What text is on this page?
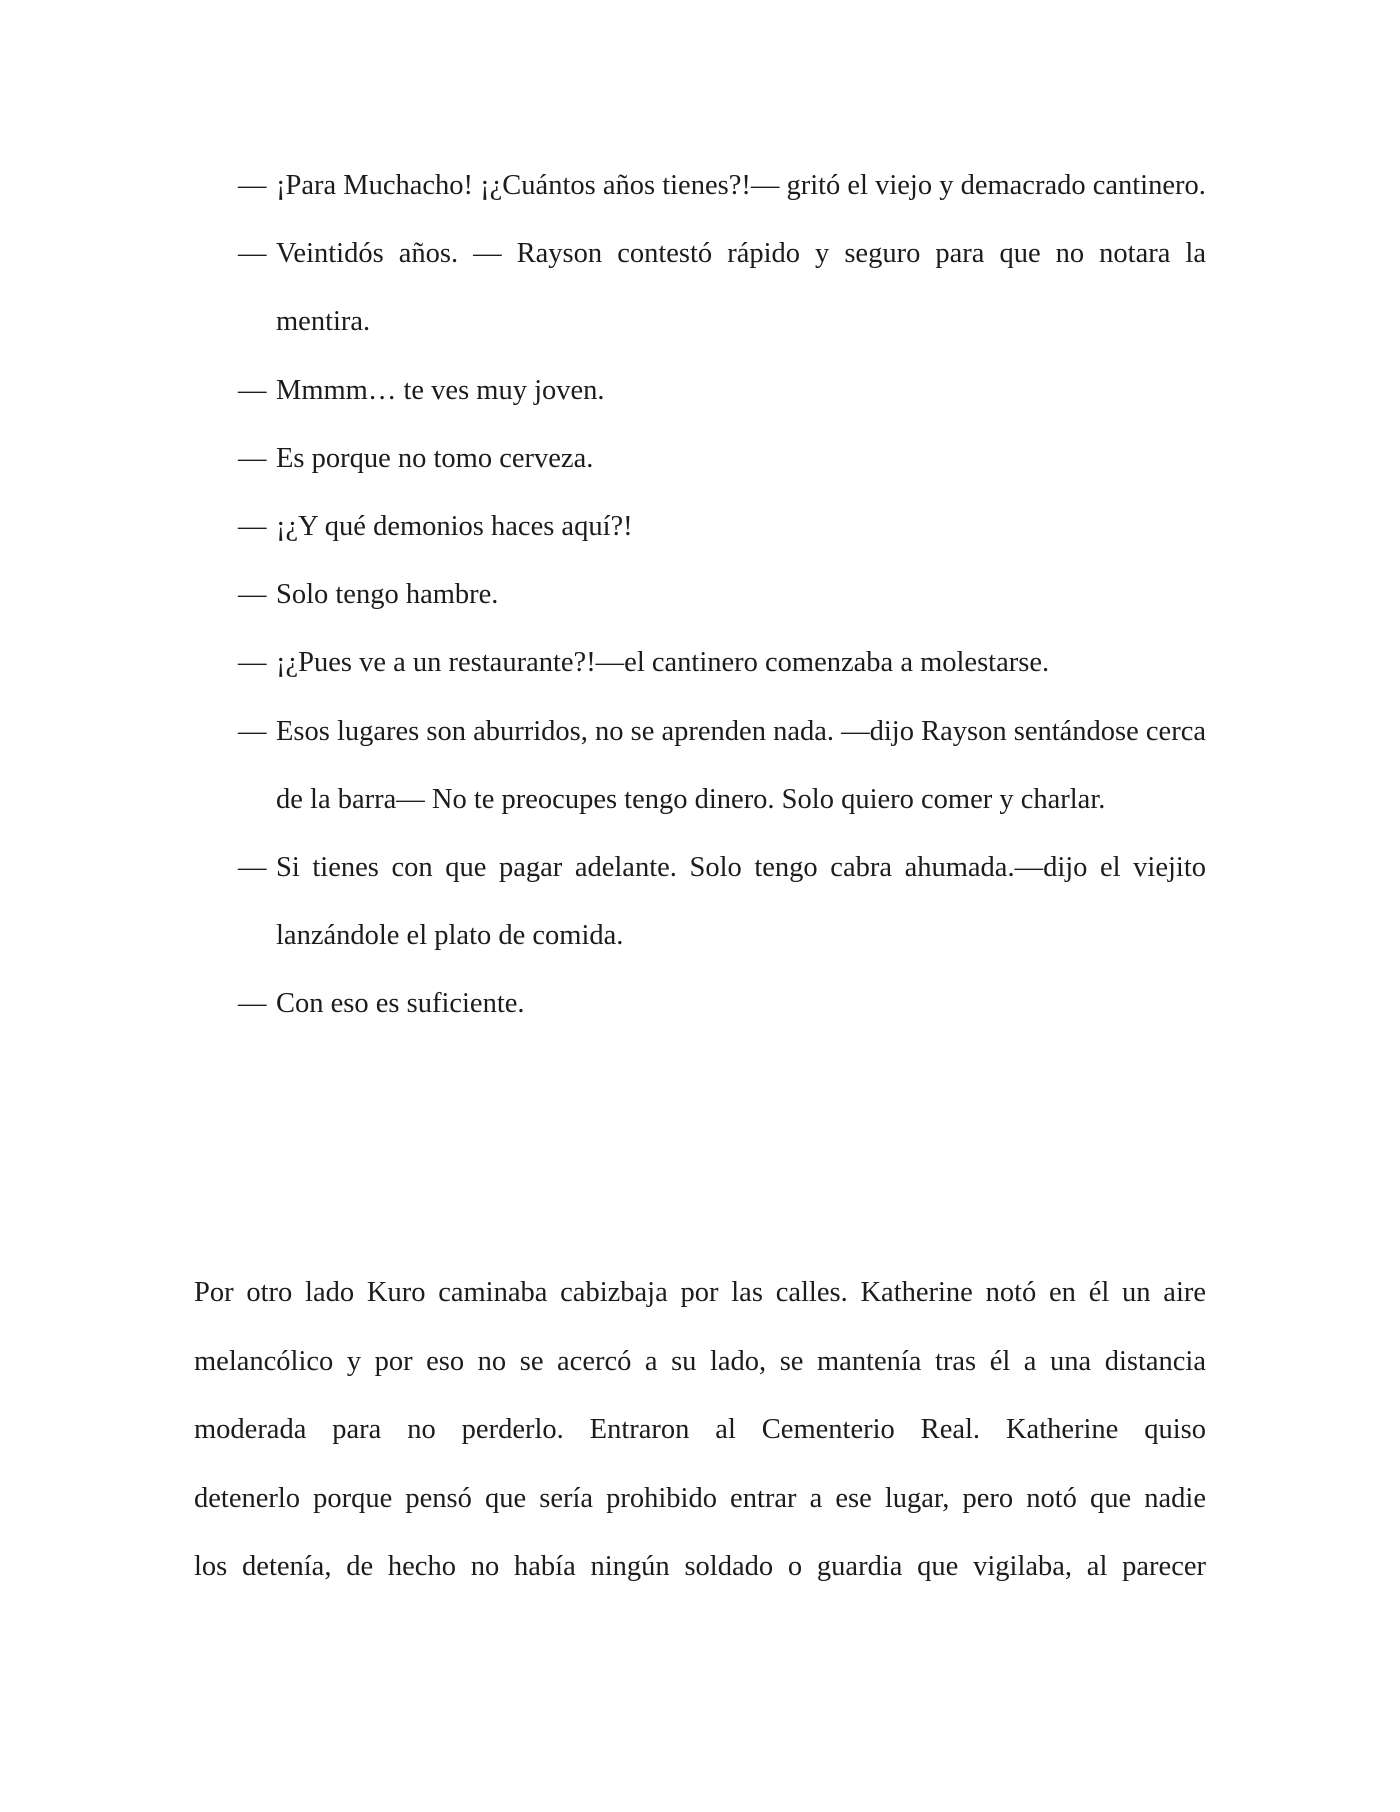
— ¡Para Muchacho! ¡¿Cuántos años tienes?!— gritó el viejo y demacrado cantinero.
— Veintidós años. — Rayson contestó rápido y seguro para que no notara la mentira.
— Mmmm… te ves muy joven.
— Es porque no tomo cerveza.
— ¡¿Y qué demonios haces aquí?!
— Solo tengo hambre.
— ¡¿Pues ve a un restaurante?!—el cantinero comenzaba a molestarse.
— Esos lugares son aburridos, no se aprenden nada. —dijo Rayson sentándose cerca de la barra— No te preocupes tengo dinero. Solo quiero comer y charlar.
— Si tienes con que pagar adelante. Solo tengo cabra ahumada.—dijo el viejito lanzándole el plato de comida.
— Con eso es suficiente.
Por otro lado Kuro caminaba cabizbaja por las calles. Katherine notó en él un aire
melancólico y por eso no se acercó a su lado, se mantenía tras él a una distancia
moderada para no perderlo. Entraron al Cementerio Real. Katherine quiso
detenerlo porque pensó que sería prohibido entrar a ese lugar, pero notó que nadie
los detenía, de hecho no había ningún soldado o guardia que vigilaba, al parecer
